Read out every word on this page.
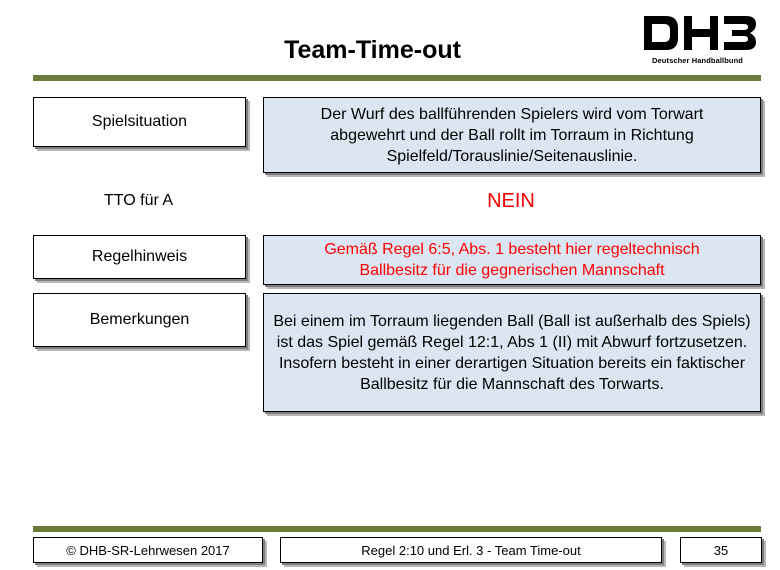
Team-Time-out	Deutscher Handballbund
Spielsituation	Der Wurf des ballführenden Spielers wird vom Torwart abgewehrt und der Ball rollt im Torraum in Richtung Spielfeld/Torauslinie/Seitenauslinie.
TTO für A	NEIN
Regelhinweis	Gemäß Regel 6:5, Abs. 1 besteht hier regeltechnisch Ballbesitz für die gegnerischen Mannschaft
Bemerkungen	Bei einem im Torraum liegenden Ball (Ball ist außerhalb des Spiels) ist das Spiel gemäß Regel 12:1, Abs 1 (II) mit Abwurf fortzusetzen. Insofern besteht in einer derartigen Situation bereits ein faktischer Ballbesitz für die Mannschaft des Torwarts.
© DHB-SR-Lehrwesen 2017	Regel 2:10 und Erl. 3 - Team Time-out	35
